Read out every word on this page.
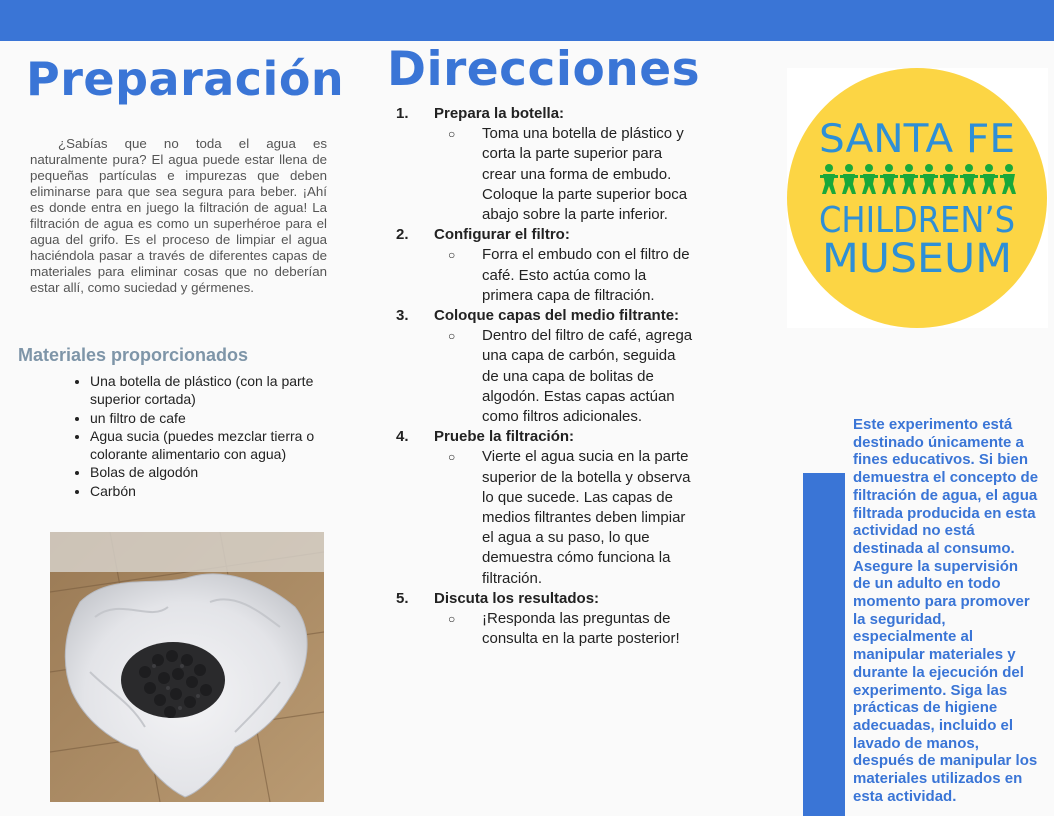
Preparación

¿Sabías que no toda el agua es naturalmente pura? El agua puede estar llena de pequeñas partículas e impurezas que deben eliminarse para que sea segura para beber. ¡Ahí es donde entra en juego la filtración de agua! La filtración de agua es como un superhéroe para el agua del grifo. Es el proceso de limpiar el agua haciéndola pasar a través de diferentes capas de materiales para eliminar cosas que no deberían estar allí, como suciedad y gérmenes.

Materiales proporcionados
• Una botella de plástico (con la parte superior cortada)
• un filtro de cafe
• Agua sucia (puedes mezclar tierra o colorante alimentario con agua)
• Bolas de algodón
• Carbón
Direcciones
1. Prepara la botella:
○ Toma una botella de plástico y corta la parte superior para crear una forma de embudo. Coloque la parte superior boca abajo sobre la parte inferior.
2. Configurar el filtro:
○ Forra el embudo con el filtro de café. Esto actúa como la primera capa de filtración.
3. Coloque capas del medio filtrante:
○ Dentro del filtro de café, agrega una capa de carbón, seguida de una capa de bolitas de algodón. Estas capas actúan como filtros adicionales.
4. Pruebe la filtración:
○ Vierte el agua sucia en la parte superior de la botella y observa lo que sucede. Las capas de medios filtrantes deben limpiar el agua a su paso, lo que demuestra cómo funciona la filtración.
5. Discuta los resultados:
○ ¡Responda las preguntas de consulta en la parte posterior!
SANTA FE
CHILDREN’S
MUSEUM

Este experimento está destinado únicamente a fines educativos. Si bien demuestra el concepto de filtración de agua, el agua filtrada producida en esta actividad no está destinada al consumo. Asegure la supervisión de un adulto en todo momento para promover la seguridad, especialmente al manipular materiales y durante la ejecución del experimento. Siga las prácticas de higiene adecuadas, incluido el lavado de manos, después de manipular los materiales utilizados en esta actividad.
